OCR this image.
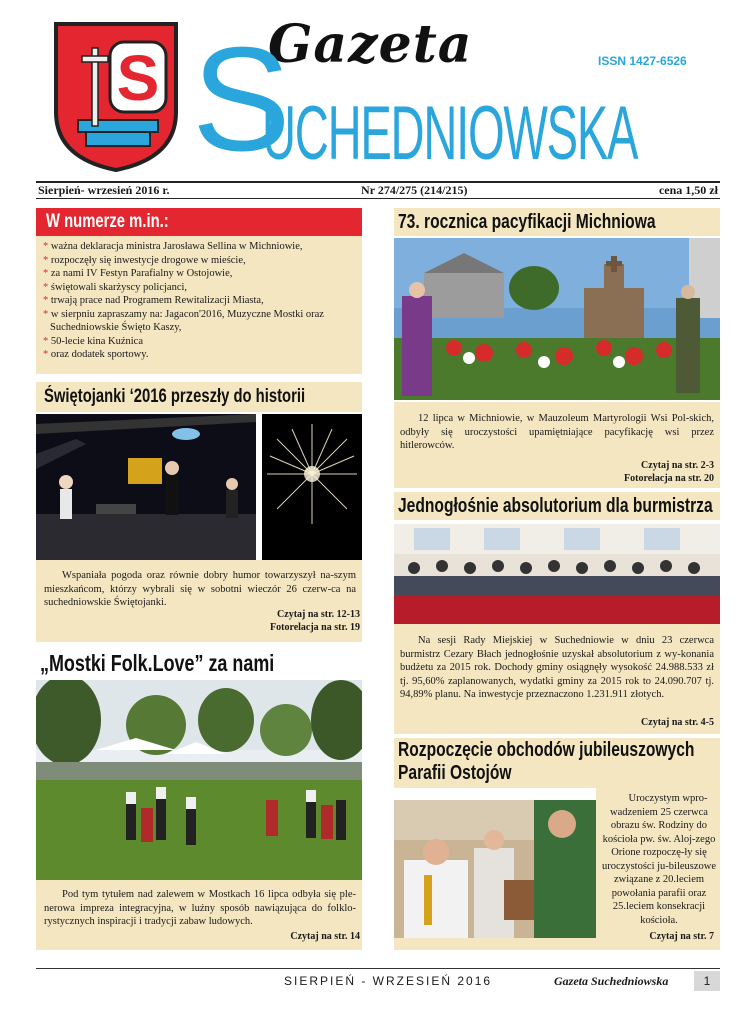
S Gazeta
S
UCHEDNIOWSKA
ISSN 1427-6526
Sierpień- wrzesień 2016 r.	Nr 274/275 (214/215)	cena 1,50 zł
W numerze m.in.:
* ważna deklaracja ministra Jarosława Sellina w Michniowie,
* rozpoczęły się inwestycje drogowe w mieście,
* za nami IV Festyn Parafialny w Ostojowie,
* świętowali skarżyscy policjanci,
* trwają prace nad Programem Rewitalizacji Miasta,
* w sierpniu zapraszamy na: Jagacon'2016, Muzyczne Mostki oraz Suchedniowskie Święto Kaszy,
* 50-lecie kina Kuźnica
* oraz dodatek sportowy.
Świętojanki ‘2016 przeszły do historii

Wspaniała pogoda oraz równie dobry humor towarzyszył na-szym mieszkańcom, którzy wybrali się w sobotni wieczór 26 czerw-ca na suchedniowskie Świętojanki.

Czytaj na str. 12-13
Fotorelacja na str. 19
„Mostki Folk.Love” za nami

Pod tym tytułem nad zalewem w Mostkach 16 lipca odbyła się ple-nerowa impreza integracyjna, w luźny sposób nawiązująca do folklo-rystycznych inspiracji i tradycji zabaw ludowych.

Czytaj na str. 14
73. rocznica pacyfikacji Michniowa

12 lipca w Michniowie, w Mauzoleum Martyrologii Wsi Pol-skich, odbyły się uroczystości upamiętniające pacyfikację wsi przez hitlerowców.

Czytaj na str. 2-3
Fotorelacja na str. 20
Jednogłośnie absolutorium dla burmistrza

Na sesji Rady Miejskiej w Suchedniowie w dniu 23 czerwca burmistrz Cezary Błach jednogłośnie uzyskał absolutorium z wy-konania budżetu za 2015 rok. Dochody gminy osiągnęły wysokość 24.988.533 zł tj. 95,60% zaplanowanych, wydatki gminy za 2015 rok to 24.090.707 tj. 94,89% planu. Na inwestycje przeznaczono 1.231.911 złotych.

Czytaj na str. 4-5
Rozpoczęcie obchodów jubileuszowych
Parafii Ostojów

Uroczystym wpro-wadzeniem 25 czerwca obrazu św. Rodziny do kościoła pw. św. Aloj-zego Orione rozpoczę-ły się uroczystości ju-bileuszowe związane z 20.leciem powołania parafii oraz 25.leciem konsekracji kościoła.

Czytaj na str. 7
SIERPIEŃ - WRZESIEŃ 2016	Gazeta Suchedniowska	1
